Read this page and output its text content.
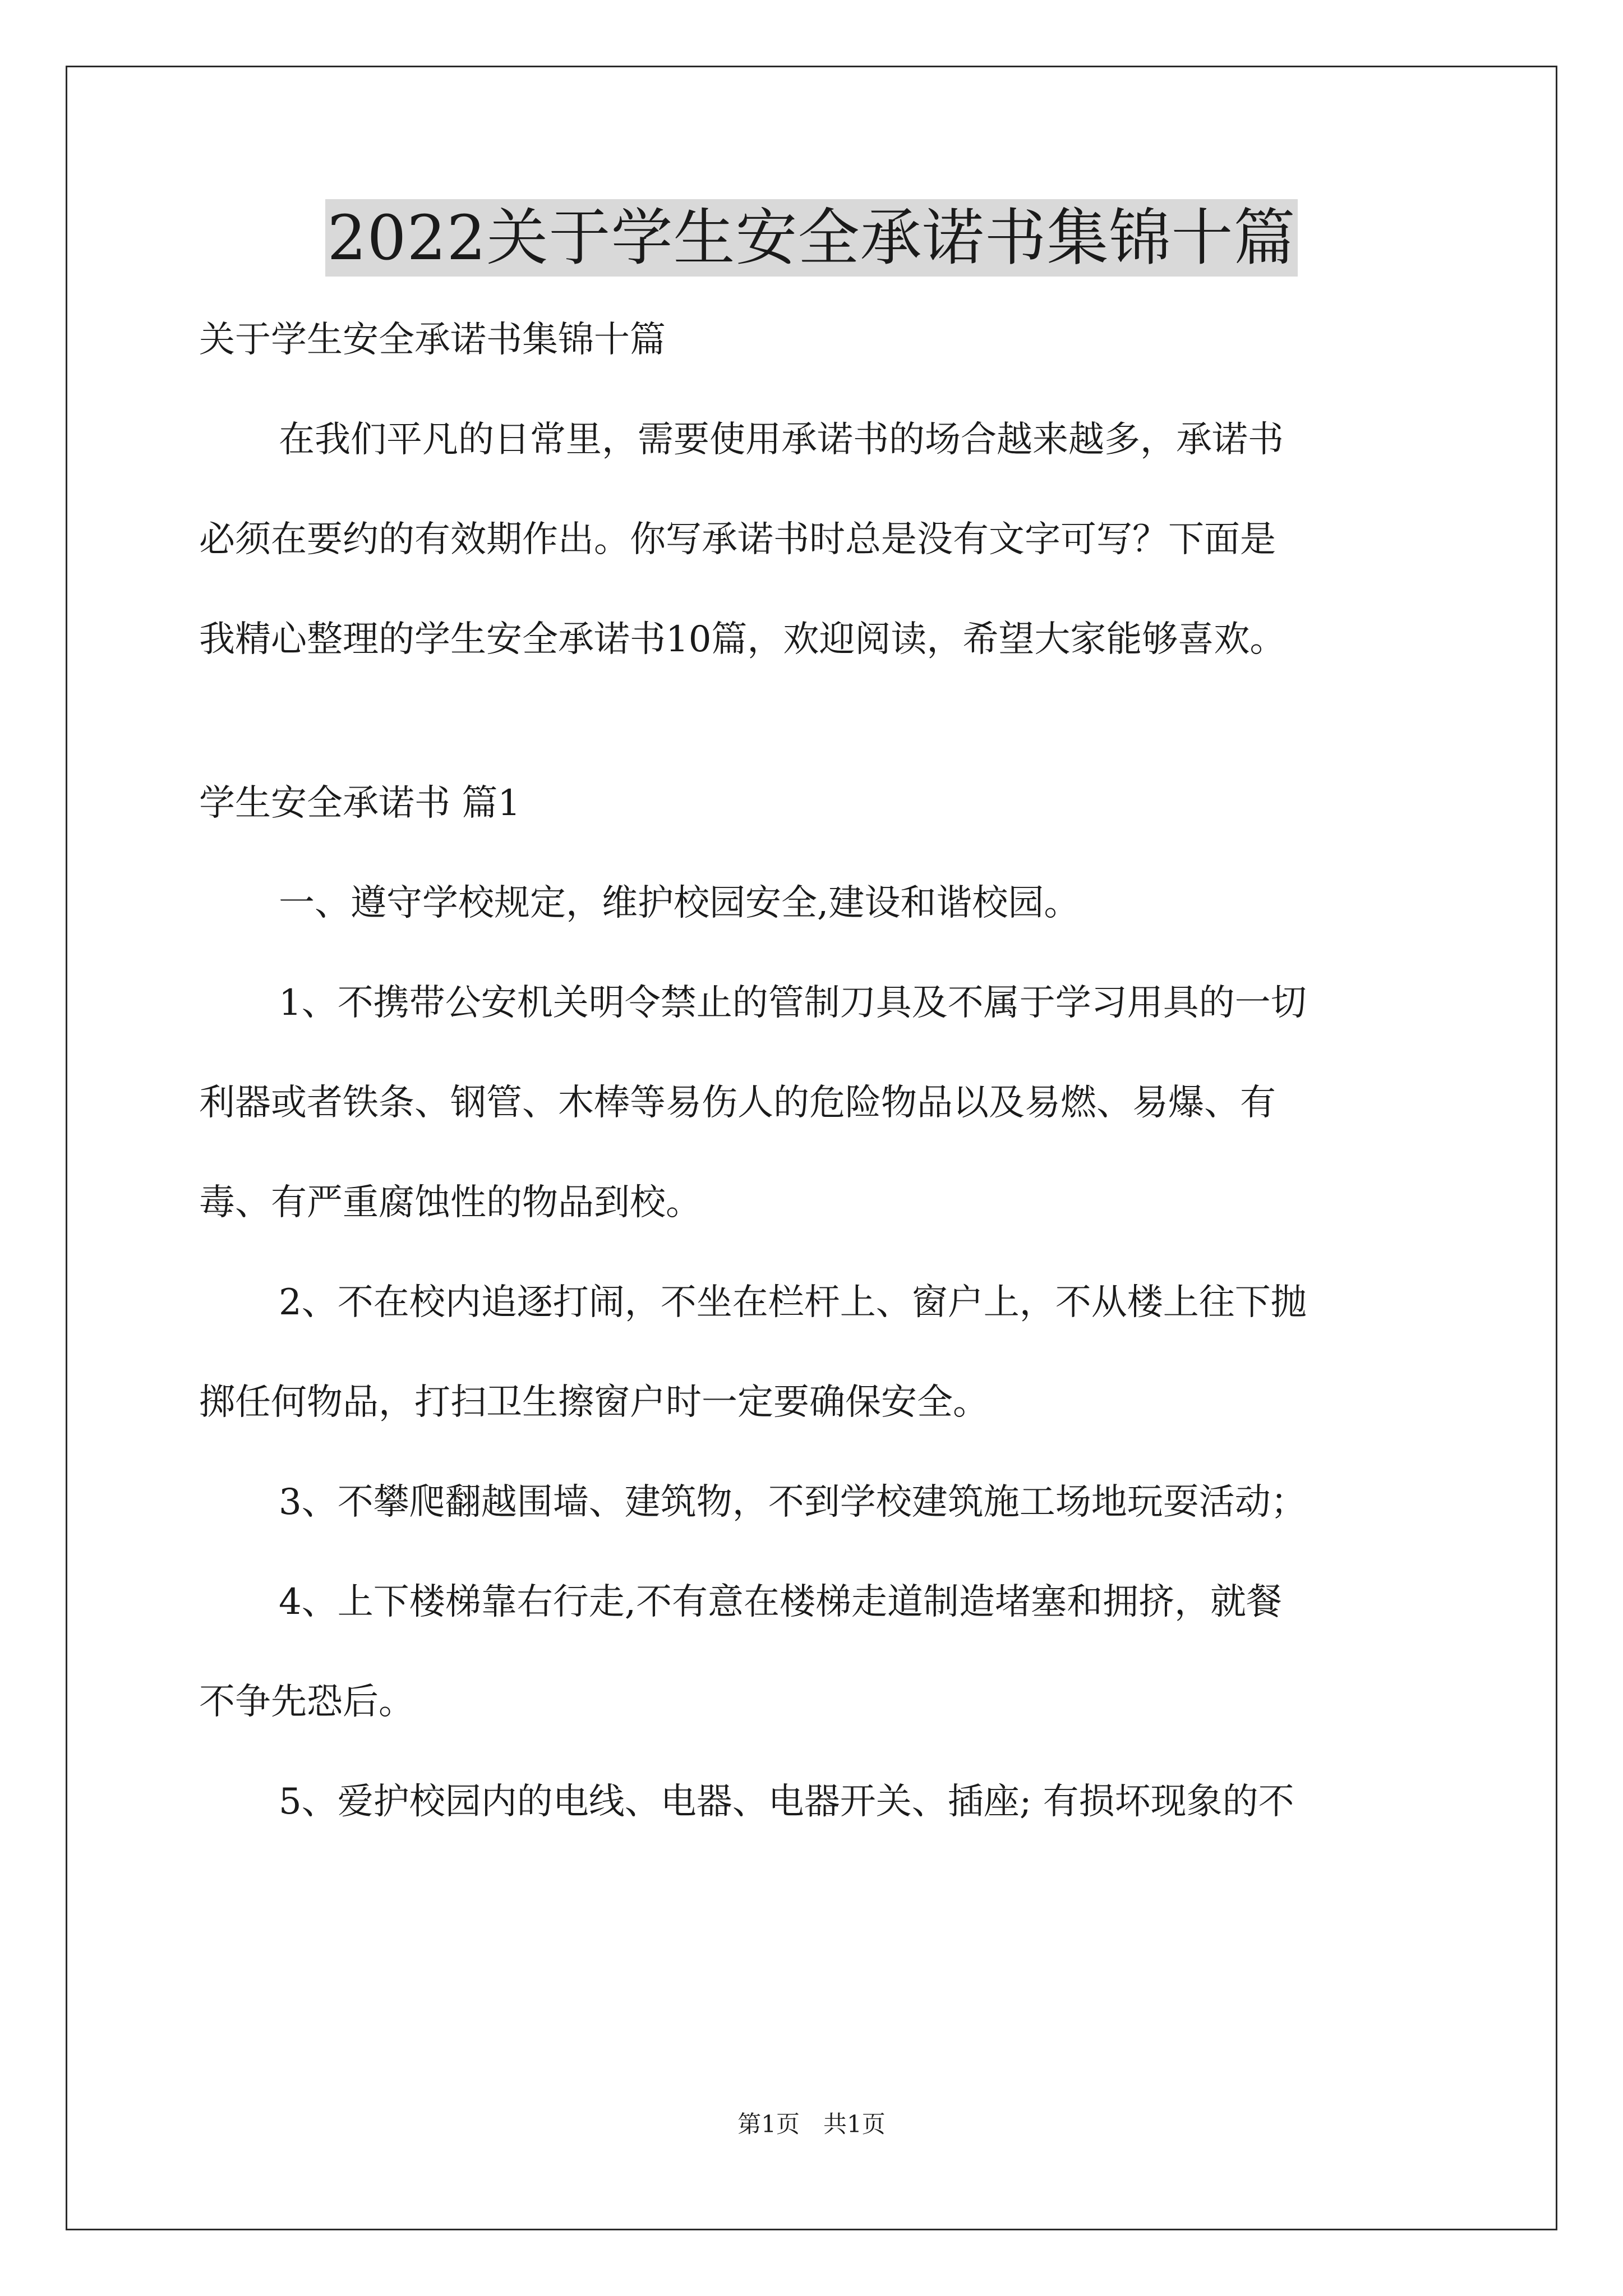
2022关于学生安全承诺书集锦十篇

关于学生安全承诺书集锦十篇

在我们平凡的日常里，需要使用承诺书的场合越来越多，承诺书

必须在要约的有效期作出。你写承诺书时总是没有文字可写？下面是

我精心整理的学生安全承诺书10篇，欢迎阅读，希望大家能够喜欢。

学生安全承诺书 篇1

一、遵守学校规定，维护校园安全,建设和谐校园。

1、不携带公安机关明令禁止的管制刀具及不属于学习用具的一切

利器或者铁条、钢管、木棒等易伤人的危险物品以及易燃、易爆、有

毒、有严重腐蚀性的物品到校。

2、不在校内追逐打闹，不坐在栏杆上、窗户上，不从楼上往下抛

掷任何物品，打扫卫生擦窗户时一定要确保安全。

3、不攀爬翻越围墙、建筑物，不到学校建筑施工场地玩耍活动；

4、上下楼梯靠右行走,不有意在楼梯走道制造堵塞和拥挤，就餐

不争先恐后。

5、爱护校园内的电线、电器、电器开关、插座; 有损坏现象的不

第1页　共1页
